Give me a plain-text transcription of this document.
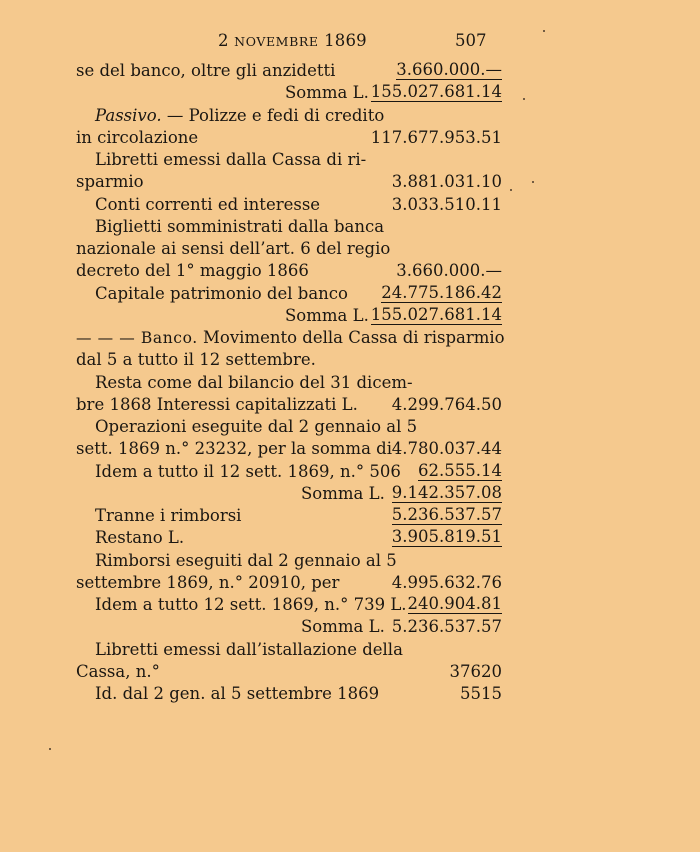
2 NOVEMBRE 1869	507
se del banco, oltre gli anzidetti	3.660.000.—
Somma L. 155.027.681.14
Passivo. — Polizze e fedi di credito
in circolazione	117.677.953.51
Libretti emessi dalla Cassa di ri-
sparmio	3.881.031.10
Conti correnti ed interesse	3.033.510.11
Biglietti somministrati dalla banca
nazionale ai sensi dell’art. 6 del regio
decreto del 1° maggio 1866	3.660.000.—
Capitale patrimonio del banco 24.775.186.42
Somma L. 155.027.681.14
— — — Banco. Movimento della Cassa di risparmio
dal 5 a tutto il 12 settembre.
Resta come dal bilancio del 31 dicem-
bre 1868 Interessi capitalizzati L. 4.299.764.50
Operazioni eseguite dal 2 gennaio al 5
sett. 1869 n.° 23232, per la somma di 4.780.037.44
Idem a tutto il 12 sett. 1869, n.° 506 62.555.14
Somma L. 9.142.357.08
Tranne i rimborsi	5.236.537.57
Restano L.	3.905.819.51
Rimborsi eseguiti dal 2 gennaio al 5
settembre 1869, n.° 20910, per	4.995.632.76
Idem a tutto 12 sett. 1869, n.° 739 L. 240.904.81
Somma L. 5.236.537.57
Libretti emessi dall’istallazione della
Cassa, n.°	37620
Id. dal 2 gen. al 5 settembre 1869	5515
